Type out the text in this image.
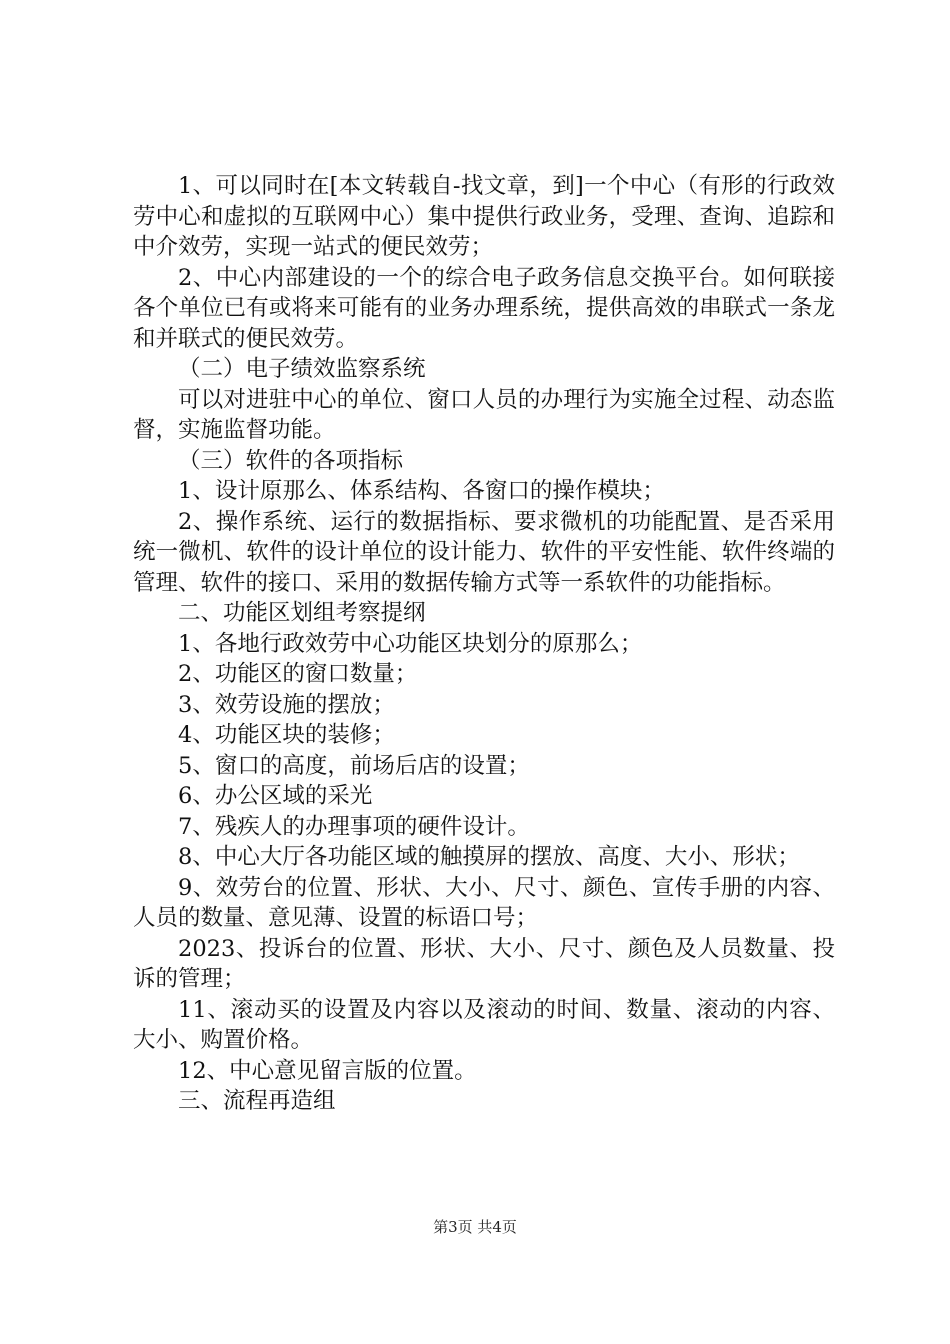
1、可以同时在[本文转载自-找文章，到]一个中心（有形的行政效劳中心和虚拟的互联网中心）集中提供行政业务，受理、查询、追踪和中介效劳，实现一站式的便民效劳；

2、中心内部建设的一个的综合电子政务信息交换平台。如何联接各个单位已有或将来可能有的业务办理系统，提供高效的串联式一条龙和并联式的便民效劳。

（二）电子绩效监察系统

可以对进驻中心的单位、窗口人员的办理行为实施全过程、动态监督，实施监督功能。

（三）软件的各项指标

1、设计原那么、体系结构、各窗口的操作模块；

2、操作系统、运行的数据指标、要求微机的功能配置、是否采用统一微机、软件的设计单位的设计能力、软件的平安性能、软件终端的管理、软件的接口、采用的数据传输方式等一系软件的功能指标。

二、功能区划组考察提纲

1、各地行政效劳中心功能区块划分的原那么；

2、功能区的窗口数量；

3、效劳设施的摆放；

4、功能区块的装修；

5、窗口的高度，前场后店的设置；

6、办公区域的采光

7、残疾人的办理事项的硬件设计。

8、中心大厅各功能区域的触摸屏的摆放、高度、大小、形状；

9、效劳台的位置、形状、大小、尺寸、颜色、宣传手册的内容、人员的数量、意见薄、设置的标语口号；

2023、投诉台的位置、形状、大小、尺寸、颜色及人员数量、投诉的管理；

11、滚动买的设置及内容以及滚动的时间、数量、滚动的内容、大小、购置价格。

12、中心意见留言版的位置。

三、流程再造组

第3页 共4页
